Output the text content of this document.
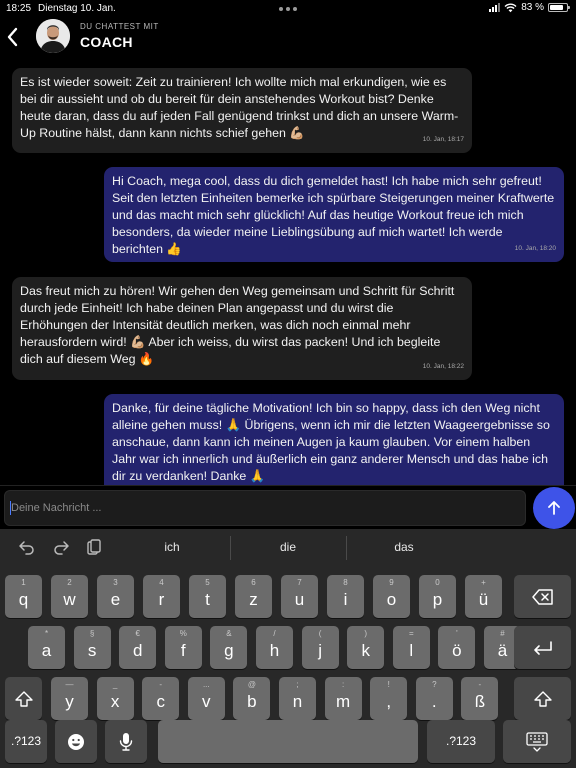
18:25 Dienstag 10. Jan.	83 %
DU CHATTEST MIT
COACH
Es ist wieder soweit: Zeit zu trainieren! Ich wollte mich mal erkundigen, wie es bei dir aussieht und ob du bereit für dein anstehendes Workout bist? Denke heute daran, dass du auf jeden Fall genügend trinkst und dich an unsere Warm-Up Routine hälst, dann kann nichts schief gehen 💪🏼	10. Jan, 18:17
Hi Coach, mega cool, dass du dich gemeldet hast! Ich habe mich sehr gefreut! Seit den letzten Einheiten bemerke ich spürbare Steigerungen meiner Kraftwerte und das macht mich sehr glücklich! Auf das heutige Workout freue ich mich besonders, da wieder meine Lieblingsübung auf mich wartet! Ich werde berichten 👍	10. Jan, 18:20
Das freut mich zu hören! Wir gehen den Weg gemeinsam und Schritt für Schritt durch jede Einheit! Ich habe deinen Plan angepasst und du wirst die Erhöhungen der Intensität deutlich merken, was dich noch einmal mehr herausfordern wird! 💪🏼 Aber ich weiss, du wirst das packen! Und ich begleite dich auf diesem Weg 🔥
10. Jan, 18:22
Danke, für deine tägliche Motivation! Ich bin so happy, dass ich den Weg nicht alleine gehen muss! 🙏 Übrigens, wenn ich mir die letzten Waageergebnisse so anschaue, dann kann ich meinen Augen ja kaum glauben. Vor einem halben Jahr war ich innerlich und äußerlich ein ganz anderer Mensch und das habe ich dir zu verdanken! Danke 🙏
Deine Nachricht ...
ich	die	das
1
q
2
w
3
e
4
r
5
t
6
z
7
u
8
i
9
o
0
p
+
ü
*
a
§
s
€
d
%
f
&
g
/
h
(
j
)
k
=
l
'
ö
#
ä
—
y
_
x
-
c
...
v
@
b
;
n
:
m
!
,
?
.
-
ß
.?123	.?123
